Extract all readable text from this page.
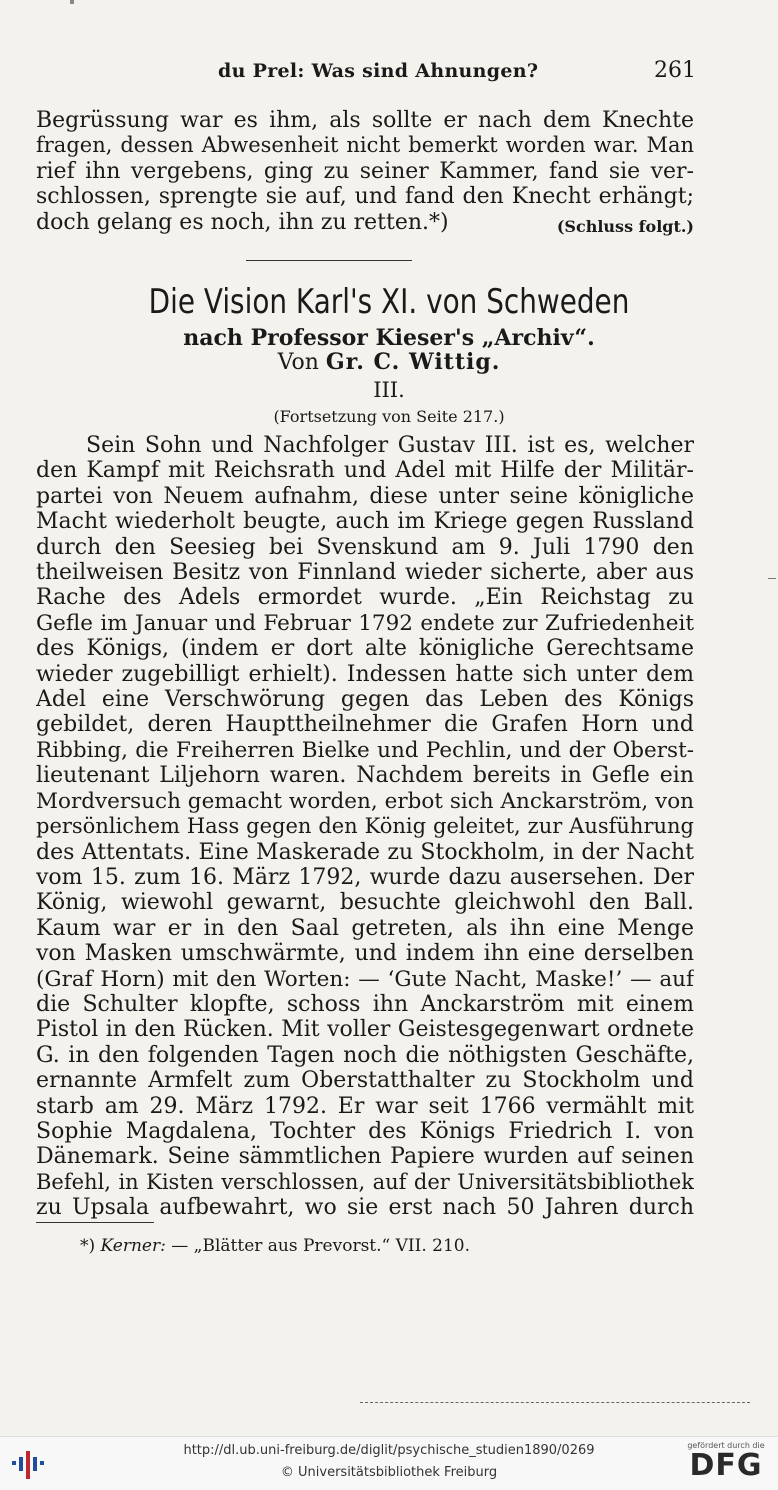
du Prel: Was sind Ahnungen?	261
Begrüssung war es ihm, als sollte er nach dem Knechte
fragen, dessen Abwesenheit nicht bemerkt worden war. Man
rief ihn vergebens, ging zu seiner Kammer, fand sie ver-
schlossen, sprengte sie auf, und fand den Knecht erhängt;
doch gelang es noch, ihn zu retten.*)	(Schluss folgt.)
Die Vision Karl's XI. von Schweden
nach Professor Kieser's „Archiv“.
Von Gr. C. Wittig.
III.
(Fortsetzung von Seite 217.)
Sein Sohn und Nachfolger Gustav III. ist es, welcher
den Kampf mit Reichsrath und Adel mit Hilfe der Militär-
partei von Neuem aufnahm, diese unter seine königliche
Macht wiederholt beugte, auch im Kriege gegen Russland
durch den Seesieg bei Svenskund am 9. Juli 1790 den
theilweisen Besitz von Finnland wieder sicherte, aber aus
Rache des Adels ermordet wurde. „Ein Reichstag zu
Gefle im Januar und Februar 1792 endete zur Zufriedenheit
des Königs, (indem er dort alte königliche Gerechtsame
wieder zugebilligt erhielt). Indessen hatte sich unter dem
Adel eine Verschwörung gegen das Leben des Königs
gebildet, deren Haupttheilnehmer die Grafen Horn und
Ribbing, die Freiherren Bielke und Pechlin, und der Oberst-
lieutenant Liljehorn waren. Nachdem bereits in Gefle ein
Mordversuch gemacht worden, erbot sich Anckarström, von
persönlichem Hass gegen den König geleitet, zur Ausführung
des Attentats. Eine Maskerade zu Stockholm, in der Nacht
vom 15. zum 16. März 1792, wurde dazu ausersehen. Der
König, wiewohl gewarnt, besuchte gleichwohl den Ball.
Kaum war er in den Saal getreten, als ihn eine Menge
von Masken umschwärmte, und indem ihn eine derselben
(Graf Horn) mit den Worten: — ‘Gute Nacht, Maske!’ — auf
die Schulter klopfte, schoss ihn Anckarström mit einem
Pistol in den Rücken. Mit voller Geistesgegenwart ordnete
G. in den folgenden Tagen noch die nöthigsten Geschäfte,
ernannte Armfelt zum Oberstatthalter zu Stockholm und
starb am 29. März 1792. Er war seit 1766 vermählt mit
Sophie Magdalena, Tochter des Königs Friedrich I. von
Dänemark. Seine sämmtlichen Papiere wurden auf seinen
Befehl, in Kisten verschlossen, auf der Universitätsbibliothek
zu Upsala aufbewahrt, wo sie erst nach 50 Jahren durch
*) Kerner: — „Blätter aus Prevorst.“ VII. 210.
http://dl.ub.uni-freiburg.de/diglit/psychische_studien1890/0269
© Universitätsbibliothek Freiburg
gefördert durch die
DFG
